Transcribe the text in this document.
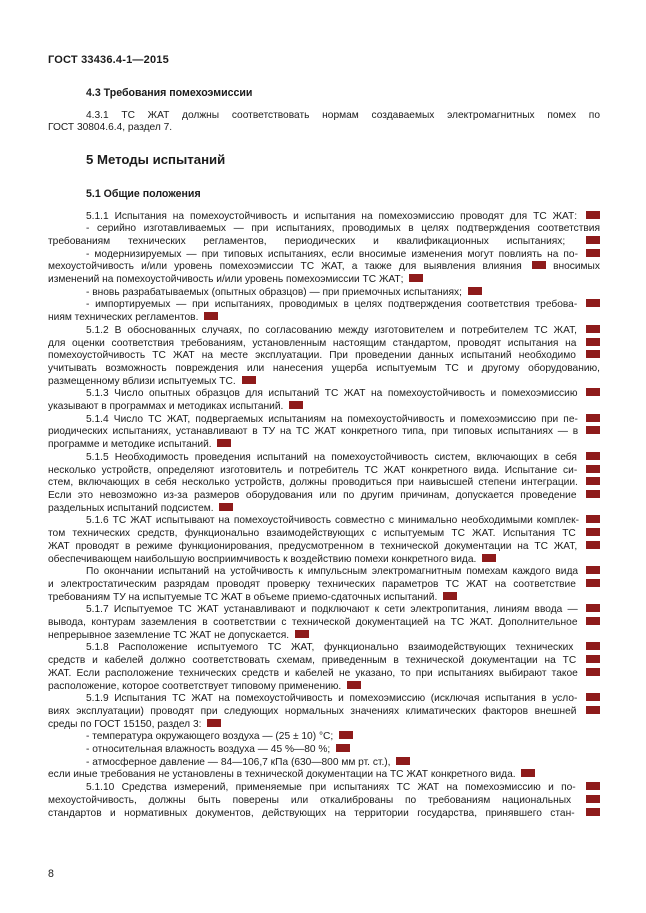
ГОСТ 33436.4-1—2015
4.3 Требования помехоэмиссии
4.3.1 ТС ЖАТ должны соответствовать нормам создаваемых электромагнитных помех по
ГОСТ 30804.6.4, раздел 7.
5 Методы испытаний
5.1 Общие положения
5.1.1 Испытания на помехоустойчивость и испытания на помехоэмиссию проводят для ТС ЖАТ:
- серийно изготавливаемых — при испытаниях, проводимых в целях подтверждения соответствия
требованиям технических регламентов, периодических и квалификационных испытаниях;
- модернизируемых — при типовых испытаниях, если вносимые изменения могут повлиять на по-
мехоустойчивость и/или уровень помехоэмиссии ТС ЖАТ, а также для выявления влияния  вносимых
изменений на помехоустойчивость и/или уровень помехоэмиссии ТС ЖАТ;
- вновь разрабатываемых (опытных образцов) — при приемочных испытаниях;
- импортируемых — при испытаниях, проводимых в целях подтверждения соответствия требова-
ниям технических регламентов.
5.1.2 В обоснованных случаях, по согласованию между изготовителем и потребителем ТС ЖАТ,
для оценки соответствия требованиям, установленным настоящим стандартом, проводят испытания на
помехоустойчивость ТС ЖАТ на месте эксплуатации. При проведении данных испытаний необходимо
учитывать возможность повреждения или нанесения ущерба испытуемым ТС и другому оборудованию,
размещенному вблизи испытуемых ТС.
5.1.3 Число опытных образцов для испытаний ТС ЖАТ на помехоустойчивость и помехоэмиссию
указывают в программах и методиках испытаний.
5.1.4 Число ТС ЖАТ, подвергаемых испытаниям на помехоустойчивость и помехоэмиссию при пе-
риодических испытаниях, устанавливают в ТУ на ТС ЖАТ конкретного типа, при типовых испытаниях — в
программе и методике испытаний.
5.1.5 Необходимость проведения испытаний на помехоустойчивость систем, включающих в себя
несколько устройств, определяют изготовитель и потребитель ТС ЖАТ конкретного вида. Испытание си-
стем, включающих в себя несколько устройств, должны проводиться при наивысшей степени интеграции.
Если это невозможно из-за размеров оборудования или по другим причинам, допускается проведение
раздельных испытаний подсистем.
5.1.6 ТС ЖАТ испытывают на помехоустойчивость совместно с минимально необходимыми комплек-
том технических средств, функционально взаимодействующих с испытуемым ТС ЖАТ. Испытания ТС
ЖАТ проводят в режиме функционирования, предусмотренном в технической документации на ТС ЖАТ,
обеспечивающем наибольшую восприимчивость к воздействию помехи конкретного вида.
По окончании испытаний на устойчивость к импульсным электромагнитным помехам каждого вида
и электростатическим разрядам проводят проверку технических параметров ТС ЖАТ на соответствие
требованиям ТУ на испытуемые ТС ЖАТ в объеме приемо-сдаточных испытаний.
5.1.7 Испытуемое ТС ЖАТ устанавливают и подключают к сети электропитания, линиям ввода —
вывода, контурам заземления в соответствии с технической документацией на ТС ЖАТ. Дополнительное
непрерывное заземление ТС ЖАТ не допускается.
5.1.8 Расположение испытуемого ТС ЖАТ, функционально взаимодействующих технических
средств и кабелей должно соответствовать схемам, приведенным в технической документации на ТС
ЖАТ. Если расположение технических средств и кабелей не указано, то при испытаниях выбирают такое
расположение, которое соответствует типовому применению.
5.1.9 Испытания ТС ЖАТ на помехоустойчивость и помехоэмиссию (исключая испытания в усло-
виях эксплуатации) проводят при следующих нормальных значениях климатических факторов внешней
среды по ГОСТ 15150, раздел 3:
- температура окружающего воздуха — (25 ± 10) °С;
- относительная влажность воздуха — 45 %—80 %;
- атмосферное давление — 84—106,7 кПа (630—800 мм рт. ст.),
если иные требования не установлены в технической документации на ТС ЖАТ конкретного вида.
5.1.10 Средства измерений, применяемые при испытаниях ТС ЖАТ на помехоэмиссию и по-
мехоустойчивость, должны быть поверены или откалиброваны по требованиям национальных
стандартов и нормативных документов, действующих на территории государства, принявшего стан-
8
